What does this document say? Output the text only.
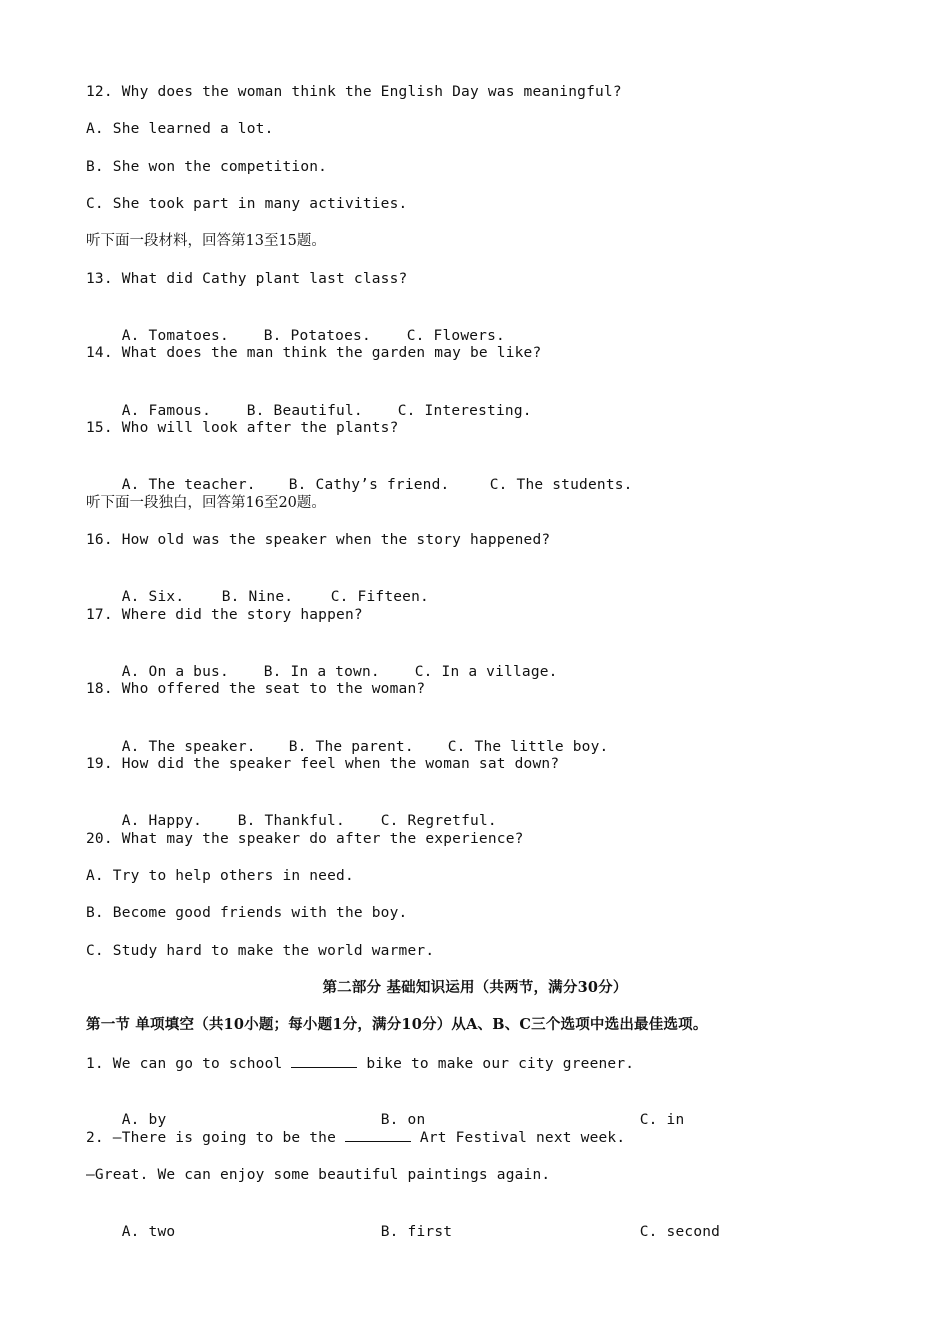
12. Why does the woman think the English Day was meaningful?
A. She learned a lot.
B. She won the competition.
C. She took part in many activities.
听下面一段材料，回答第13至15题。
13. What did Cathy plant last class?

A. Tomatoes. B. Potatoes. C. Flowers.

14. What does the man think the garden may be like?

A. Famous. B. Beautiful. C. Interesting.

15. Who will look after the plants?

A. The teacher. B. Cathy’s friend.	C. The students.

听下面一段独白，回答第16至20题。
16. How old was the speaker when the story happened?

A. Six.	B. Nine.	C. Fifteen.

17. Where did the story happen?

A. On a bus. B. In a town. C. In a village.

18. Who offered the seat to the woman?

A. The speaker. B. The parent. C. The little boy.

19. How did the speaker feel when the woman sat down?

A. Happy. B. Thankful. C. Regretful.

20. What may the speaker do after the experience?
A. Try to help others in need.
B. Become good friends with the boy.
C. Study hard to make the world warmer.
第二部分 基础知识运用（共两节，满分30分）
第一节 单项填空（共10小题；每小题1分，满分10分）从A、B、C三个选项中选出最佳选项。
1. We can go to school	bike to make our city greener.

A. by	B. on	C. in

2. —There is going to be the	Art Festival next week.
—Great. We can enjoy some beautiful paintings again.

A. two	B. first	C. second
